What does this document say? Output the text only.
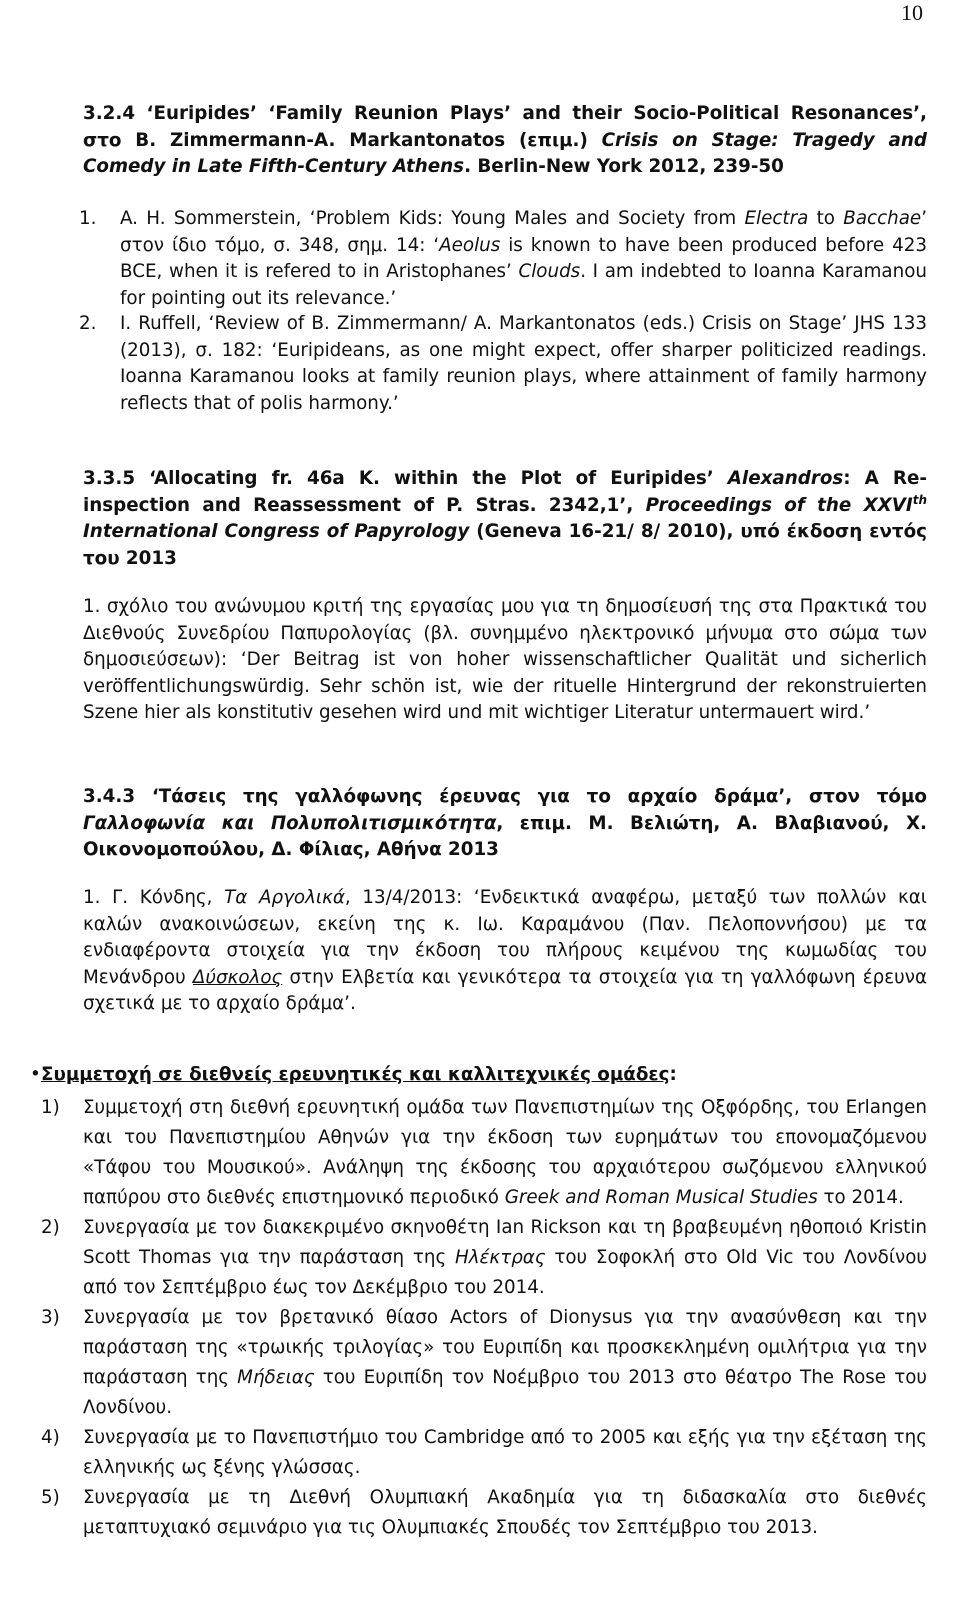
10
3.2.4 ‘Euripides’ ‘Family Reunion Plays’ and their Socio-Political Resonances’, στο B. Zimmermann-A. Markantonatos (επιμ.) Crisis on Stage: Tragedy and Comedy in Late Fifth-Century Athens. Berlin-New York 2012, 239-50
1. A. H. Sommerstein, ‘Problem Kids: Young Males and Society from Electra to Bacchae’ στον ίδιο τόμο, σ. 348, σημ. 14: ‘Aeolus is known to have been produced before 423 BCE, when it is refered to in Aristophanes’ Clouds. I am indebted to Ioanna Karamanou for pointing out its relevance.’
2. I. Ruffell, ‘Review of B. Zimmermann/ A. Markantonatos (eds.) Crisis on Stage’ JHS 133 (2013), σ. 182: ‘Euripideans, as one might expect, offer sharper politicized readings. Ioanna Karamanou looks at family reunion plays, where attainment of family harmony reflects that of polis harmony.’
3.3.5 ‘Allocating fr. 46a K. within the Plot of Euripides’ Alexandros: A Re-inspection and Reassessment of P. Stras. 2342,1’, Proceedings of the XXVIth International Congress of Papyrology (Geneva 16-21/ 8/ 2010), υπό έκδοση εντός του 2013
1. σχόλιο του ανώνυμου κριτή της εργασίας μου για τη δημοσίευσή της στα Πρακτικά του Διεθνούς Συνεδρίου Παπυρολογίας (βλ. συνημμένο ηλεκτρονικό μήνυμα στο σώμα των δημοσιεύσεων): ‘Der Beitrag ist von hoher wissenschaftlicher Qualität und sicherlich veröffentlichungswürdig. Sehr schön ist, wie der rituelle Hintergrund der rekonstruierten Szene hier als konstitutiv gesehen wird und mit wichtiger Literatur untermauert wird.’
3.4.3 ‘Τάσεις της γαλλόφωνης έρευνας για το αρχαίο δράμα’, στον τόμο Γαλλοφωνία και Πολυπολιτισμικότητα, επιμ. Μ. Βελιώτη, Α. Βλαβιανού, Χ. Οικονομοπούλου, Δ. Φίλιας, Αθήνα 2013
1. Γ. Κόνδης, Τα Αργολικά, 13/4/2013: ‘Ενδεικτικά αναφέρω, μεταξύ των πολλών και καλών ανακοινώσεων, εκείνη της κ. Ιω. Καραμάνου (Παν. Πελοποννήσου) με τα ενδιαφέροντα στοιχεία για την έκδοση του πλήρους κειμένου της κωμωδίας του Μενάνδρου Δύσκολος στην Ελβετία και γενικότερα τα στοιχεία για τη γαλλόφωνη έρευνα σχετικά με το αρχαίο δράμα’.
• Συμμετοχή σε διεθνείς ερευνητικές και καλλιτεχνικές ομάδες:
1) Συμμετοχή στη διεθνή ερευνητική ομάδα των Πανεπιστημίων της Οξφόρδης, του Erlangen και του Πανεπιστημίου Αθηνών για την έκδοση των ευρημάτων του επονομαζόμενου «Τάφου του Μουσικού». Ανάληψη της έκδοσης του αρχαιότερου σωζόμενου ελληνικού παπύρου στο διεθνές επιστημονικό περιοδικό Greek and Roman Musical Studies το 2014.
2) Συνεργασία με τον διακεκριμένο σκηνοθέτη Ian Rickson και τη βραβευμένη ηθοποιό Kristin Scott Thomas για την παράσταση της Ηλέκτρας του Σοφοκλή στο Old Vic του Λονδίνου από τον Σεπτέμβριο έως τον Δεκέμβριο του 2014.
3) Συνεργασία με τον βρετανικό θίασο Actors of Dionysus για την ανασύνθεση και την παράσταση της «τρωικής τριλογίας» του Ευριπίδη και προσκεκλημένη ομιλήτρια για την παράσταση της Μήδειας του Ευριπίδη τον Νοέμβριο του 2013 στο θέατρο The Rose του Λονδίνου.
4) Συνεργασία με το Πανεπιστήμιο του Cambridge από το 2005 και εξής για την εξέταση της ελληνικής ως ξένης γλώσσας.
5) Συνεργασία με τη Διεθνή Ολυμπιακή Ακαδημία για τη διδασκαλία στο διεθνές μεταπτυχιακό σεμινάριο για τις Ολυμπιακές Σπουδές τον Σεπτέμβριο του 2013.
